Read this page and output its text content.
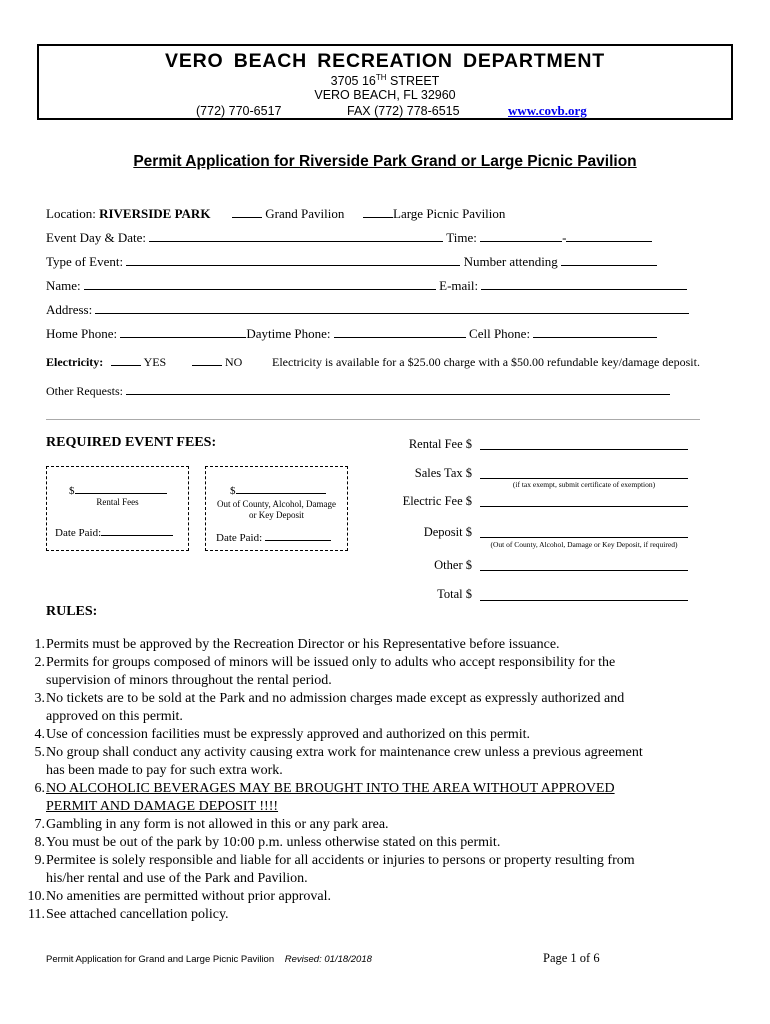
VERO BEACH RECREATION DEPARTMENT
3705 16TH STREET
VERO BEACH, FL 32960
(772) 770-6517	FAX (772) 778-6515	www.covb.org
Permit Application for Riverside Park Grand or Large Picnic Pavilion
Location: RIVERSIDE PARK	Grand Pavilion	Large Picnic Pavilion
Event Day & Date:	Time:	-
Type of Event:	Number attending
Name:	E-mail:
Address:
Home Phone:	Daytime Phone:	Cell Phone:
Electricity:	YES	NO Electricity is available for a $25.00 charge with a $50.00 refundable key/damage deposit.
Other Requests:
REQUIRED EVENT FEES:
$
Rental Fees
Date Paid:
$
Out of County, Alcohol, Damage
or Key Deposit
Date Paid:
Rental Fee $
Sales Tax $
(if tax exempt, submit certificate of exemption)
Electric Fee $
Deposit $
(Out of County, Alcohol, Damage or Key Deposit, if required)
Other $
Total $
RULES:
1. Permits must be approved by the Recreation Director or his Representative before issuance.
2. Permits for groups composed of minors will be issued only to adults who accept responsibility for the
supervision of minors throughout the rental period.
3. No tickets are to be sold at the Park and no admission charges made except as expressly authorized and
approved on this permit.
4. Use of concession facilities must be expressly approved and authorized on this permit.
5. No group shall conduct any activity causing extra work for maintenance crew unless a previous agreement
has been made to pay for such extra work.
6. NO ALCOHOLIC BEVERAGES MAY BE BROUGHT INTO THE AREA WITHOUT APPROVED
PERMIT AND DAMAGE DEPOSIT !!!!
7. Gambling in any form is not allowed in this or any park area.
8. You must be out of the park by 10:00 p.m. unless otherwise stated on this permit.
9. Permitee is solely responsible and liable for all accidents or injuries to persons or property resulting from
his/her rental and use of the Park and Pavilion.
10. No amenities are permitted without prior approval.
11. See attached cancellation policy.
Permit Application for Grand and Large Picnic Pavilion Revised: 01/18/2018	Page 1 of 6
